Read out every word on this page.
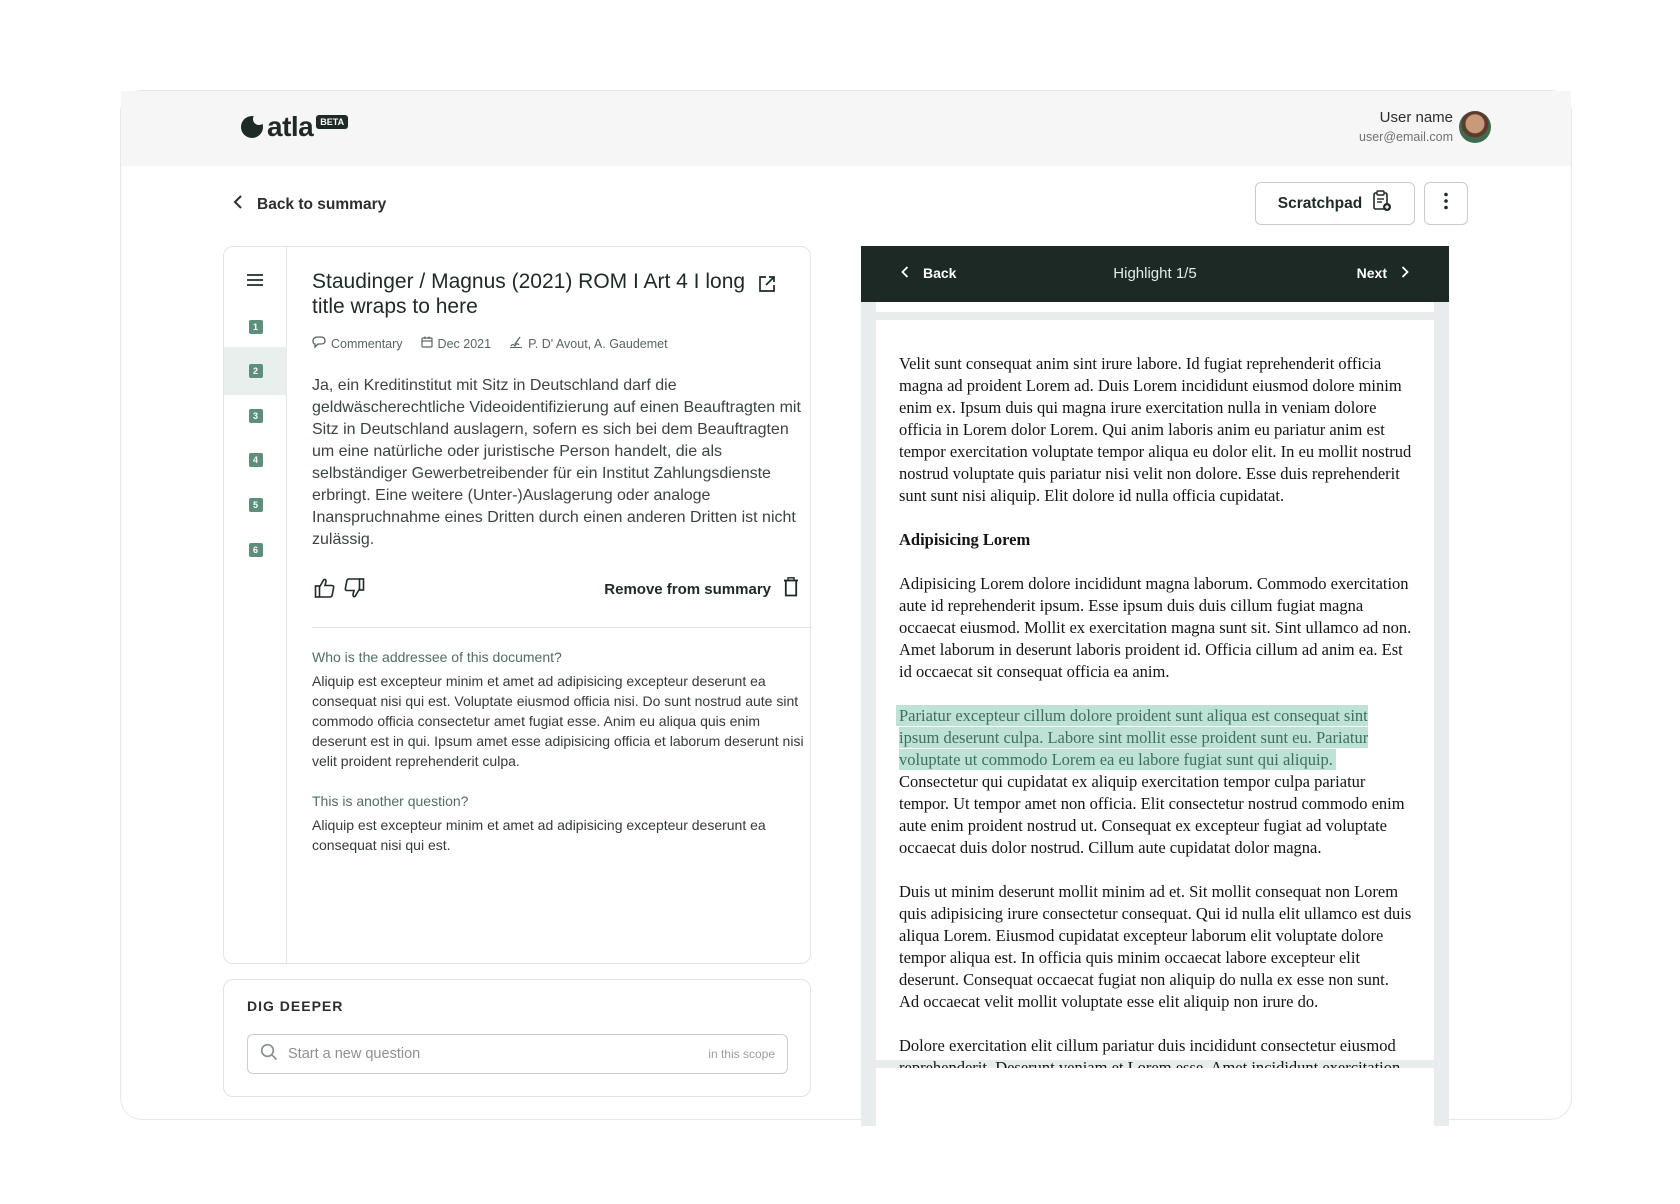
atla BETA	User name
user@email.com
Back to summary	Scratchpad
1
2
3
4
5
6
Staudinger / Magnus (2021) ROM I Art 4 I long title wraps to here
Commentary	Dec 2021	P. D' Avout, A. Gaudemet
Ja, ein Kreditinstitut mit Sitz in Deutschland darf die geldwäscherechtliche Videoidentifizierung auf einen Beauftragten mit Sitz in Deutschland auslagern, sofern es sich bei dem Beauftragten um eine natürliche oder juristische Person handelt, die als selbständiger Gewerbetreibender für ein Institut Zahlungsdienste erbringt. Eine weitere (Unter-)Auslagerung oder analoge Inanspruchnahme eines Dritten durch einen anderen Dritten ist nicht zulässig.
Remove from summary
Who is the addressee of this document?
Aliquip est excepteur minim et amet ad adipisicing excepteur deserunt ea consequat nisi qui est. Voluptate eiusmod officia nisi. Do sunt nostrud aute sint commodo officia consectetur amet fugiat esse. Anim eu aliqua quis enim deserunt est in qui. Ipsum amet esse adipisicing officia et laborum deserunt nisi velit proident reprehenderit culpa.
This is another question?
Aliquip est excepteur minim et amet ad adipisicing excepteur deserunt ea consequat nisi qui est.
DIG DEEPER
Start a new question
in this scope
Back	Highlight 1/5	Next

Velit sunt consequat anim sint irure labore. Id fugiat reprehenderit officia magna ad proident Lorem ad. Duis Lorem incididunt eiusmod dolore minim enim ex. Ipsum duis qui magna irure exercitation nulla in veniam dolore officia in Lorem dolor Lorem. Qui anim laboris anim eu pariatur anim est tempor exercitation voluptate tempor aliqua eu dolor elit. In eu mollit nostrud nostrud voluptate quis pariatur nisi velit non dolore. Esse duis reprehenderit sunt sunt nisi aliquip. Elit dolore id nulla officia cupidatat.

Adipisicing Lorem

Adipisicing Lorem dolore incididunt magna laborum. Commodo exercitation aute id reprehenderit ipsum. Esse ipsum duis duis cillum fugiat magna occaecat eiusmod. Mollit ex exercitation magna sunt sit. Sint ullamco ad non. Amet laborum in deserunt laboris proident id. Officia cillum ad anim ea. Est id occaecat sit consequat officia ea anim.

Pariatur excepteur cillum dolore proident sunt aliqua est consequat sint ipsum deserunt culpa. Labore sint mollit esse proident sunt eu. Pariatur voluptate ut commodo Lorem ea eu labore fugiat sunt qui aliquip. Consectetur qui cupidatat ex aliquip exercitation tempor culpa pariatur tempor. Ut tempor amet non officia. Elit consectetur nostrud commodo enim aute enim proident nostrud ut. Consequat ex excepteur fugiat ad voluptate occaecat duis dolor nostrud. Cillum aute cupidatat dolor magna.

Duis ut minim deserunt mollit minim ad et. Sit mollit consequat non Lorem quis adipisicing irure consectetur consequat. Qui id nulla elit ullamco est duis aliqua Lorem. Eiusmod cupidatat excepteur laborum elit voluptate dolore tempor aliqua est. In officia quis minim occaecat labore excepteur elit deserunt. Consequat occaecat fugiat non aliquip do nulla ex esse non sunt. Ad occaecat velit mollit voluptate esse elit aliquip non irure do.

Dolore exercitation elit cillum pariatur duis incididunt consectetur eiusmod
